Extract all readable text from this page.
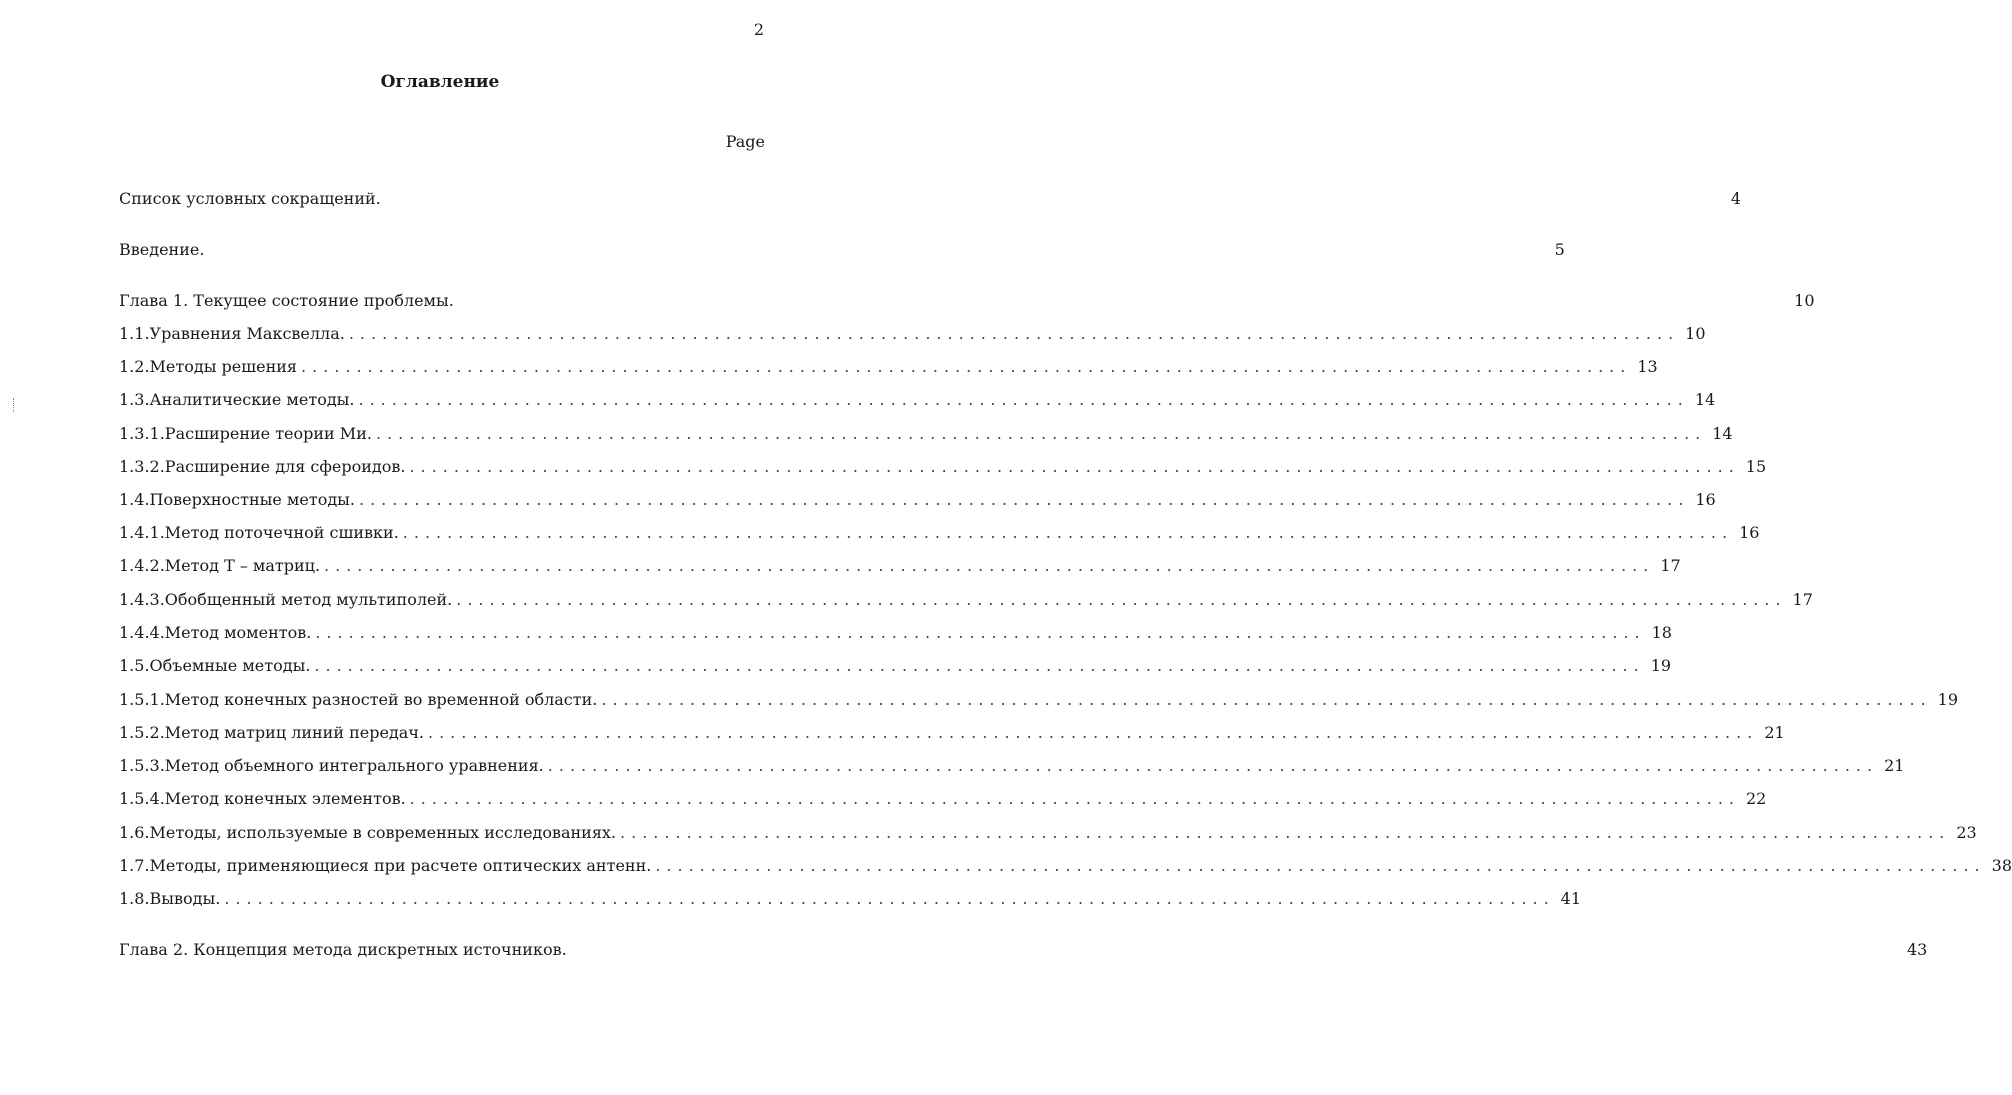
2
Оглавление
Page
Список условных сокращений.	4
Введение.	5
Глава 1. Текущее состояние проблемы.	10
1.1. Уравнения Максвелла. ........................................................................................................................ 10
1.2. Методы решения ........................................................................................................................ 13
1.3. Аналитические методы. ........................................................................................................................ 14
1.3.1. Расширение теории Ми. ........................................................................................................................ 14
1.3.2. Расширение для сфероидов. ........................................................................................................................ 15
1.4. Поверхностные методы. ........................................................................................................................ 16
1.4.1. Метод поточечной сшивки. ........................................................................................................................ 16
1.4.2. Метод T – матриц. ........................................................................................................................ 17
1.4.3. Обобщенный метод мультиполей. ........................................................................................................................ 17
1.4.4. Метод моментов. ........................................................................................................................ 18
1.5. Объемные методы. ........................................................................................................................ 19
1.5.1. Метод конечных разностей во временной области. ........................................................................................................................ 19
1.5.2. Метод матриц линий передач. ........................................................................................................................ 21
1.5.3. Метод объемного интегрального уравнения. ........................................................................................................................ 21
1.5.4. Метод конечных элементов. ........................................................................................................................ 22
1.6. Методы, используемые в современных исследованиях. ........................................................................................................................ 23
1.7. Методы, применяющиеся при расчете оптических антенн. ........................................................................................................................ 38
1.8. Выводы. ........................................................................................................................ 41
Глава 2. Концепция метода дискретных источников.	43
